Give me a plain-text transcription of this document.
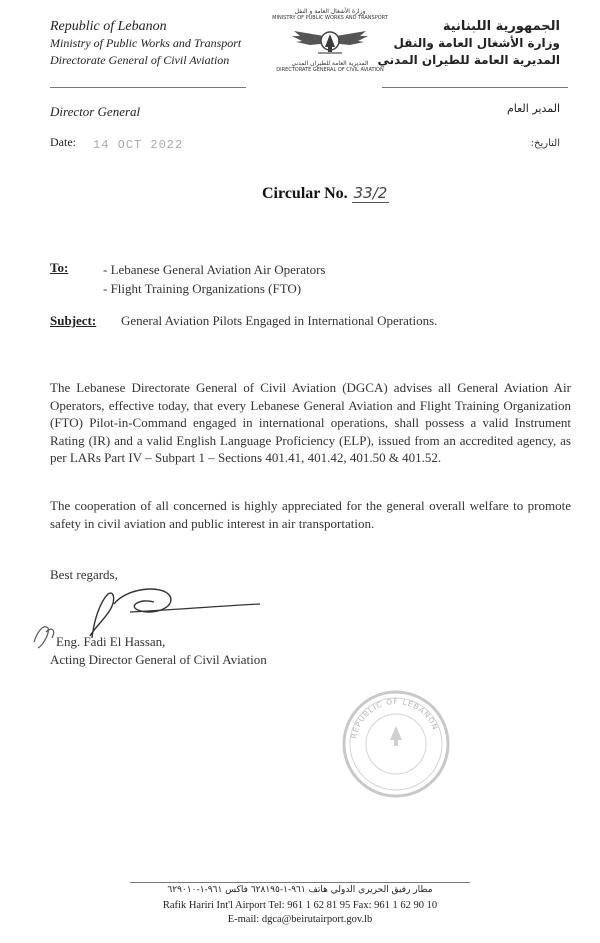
Republic of Lebanon
Ministry of Public Works and Transport
Directorate General of Civil Aviation
الجمهورية اللبنانية
وزارة الأشغال العامة والنقل
المديرية العامة للطيران المدني
وزارة الأشغال العامة و النقل
MINISTRY OF PUBLIC WORKS AND TRANSPORT
المديرية العامة للطيران المدني
DIRECTORATE GENERAL OF CIVIL AVIATION
Director General	المدير العام
Date: 14 OCT 2022	التاريخ:
Circular No. 33/2
To:	- Lebanese General Aviation Air Operators
- Flight Training Organizations (FTO)
Subject: General Aviation Pilots Engaged in International Operations.
The Lebanese Directorate General of Civil Aviation (DGCA) advises all General Aviation Air Operators, effective today, that every Lebanese General Aviation and Flight Training Organization (FTO) Pilot-in-Command engaged in international operations, shall possess a valid Instrument Rating (IR) and a valid English Language Proficiency (ELP), issued from an accredited agency, as per LARs Part IV – Subpart 1 – Sections 401.41, 401.42, 401.50 & 401.52.
The cooperation of all concerned is highly appreciated for the general overall welfare to promote safety in civil aviation and public interest in air transportation.
Best regards,
Eng. Fadi El Hassan,
Acting Director General of Civil Aviation
REPUBLIC OF LEBANON
مطار رفيق الحريري الدولي هاتف ٩٦١-١-٦٢٨١٩٥ فاكس ٩٦١-١-٦٢٩٠١٠
Rafik Hariri Int'l Airport Tel: 961 1 62 81 95 Fax: 961 1 62 90 10
E-mail: dgca@beirutairport.gov.lb
